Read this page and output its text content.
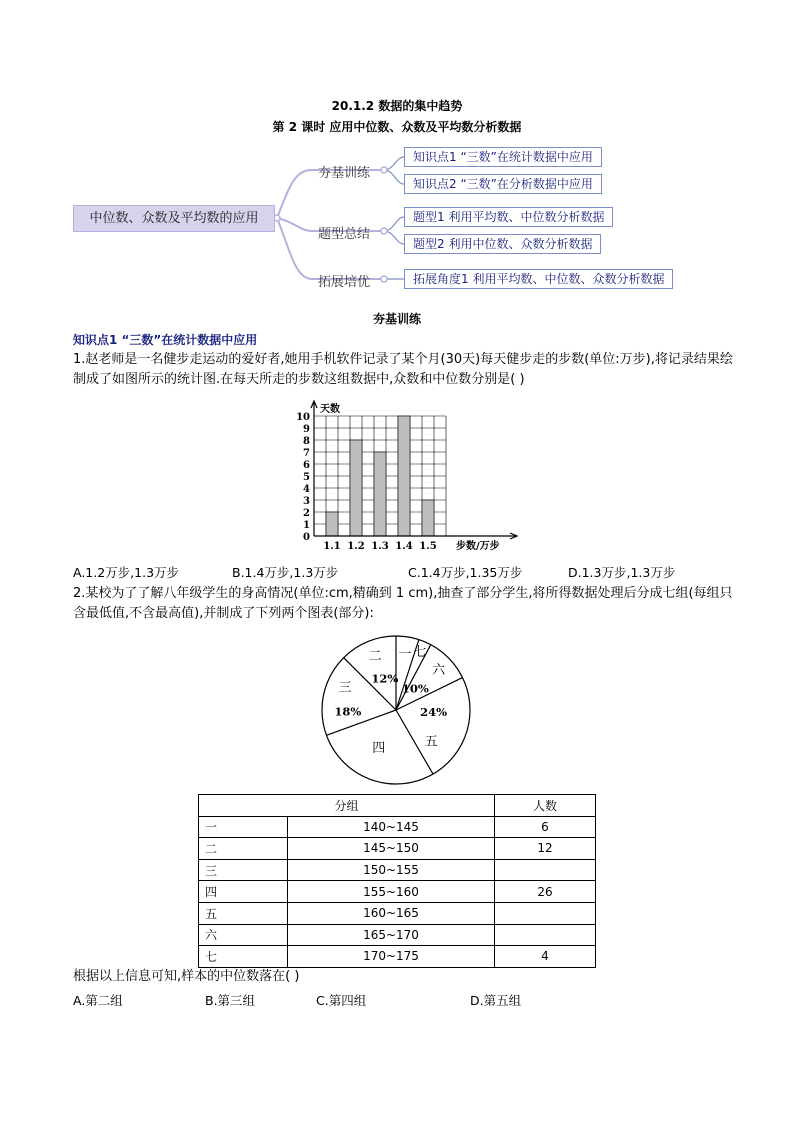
20.1.2 数据的集中趋势
第 2 课时 应用中位数、众数及平均数分析数据
中位数、众数及平均数的应用
夯基训练
题型总结
拓展培优
知识点1 “三数”在统计数据中应用
知识点2 “三数”在分析数据中应用
题型1 利用平均数、中位数分析数据
题型2 利用中位数、众数分析数据
拓展角度1 利用平均数、中位数、众数分析数据
夯基训练
知识点1 “三数”在统计数据中应用
1.赵老师是一名健步走运动的爱好者,她用手机软件记录了某个月(30天)每天健步走的步数(单位:万步),将记录结果绘制成了如图所示的统计图.在每天所走的步数这组数据中,众数和中位数分别是( )
0
1
2
3
4
5
6
7
8
9
10
1.1 1.2 1.3 1.4 1.5
天数
步数/万步
A.1.2万步,1.3万步	B.1.4万步,1.3万步	C.1.4万步,1.35万步	D.1.3万步,1.3万步
2.某校为了了解八年级学生的身高情况(单位:cm,精确到 1 cm),抽查了部分学生,将所得数据处理后分成七组(每组只含最低值,不含最高值),并制成了下列两个图表(部分):
一 七
六
10%
五
24%
四
三
18%
二
12%
分组		人数
一	140~145	6
二	145~150	12
三	150~155	
四	155~160	26
五	160~165	
六	165~170	
七	170~175	4
根据以上信息可知,样本的中位数落在( )
A.第二组	B.第三组	C.第四组	D.第五组
